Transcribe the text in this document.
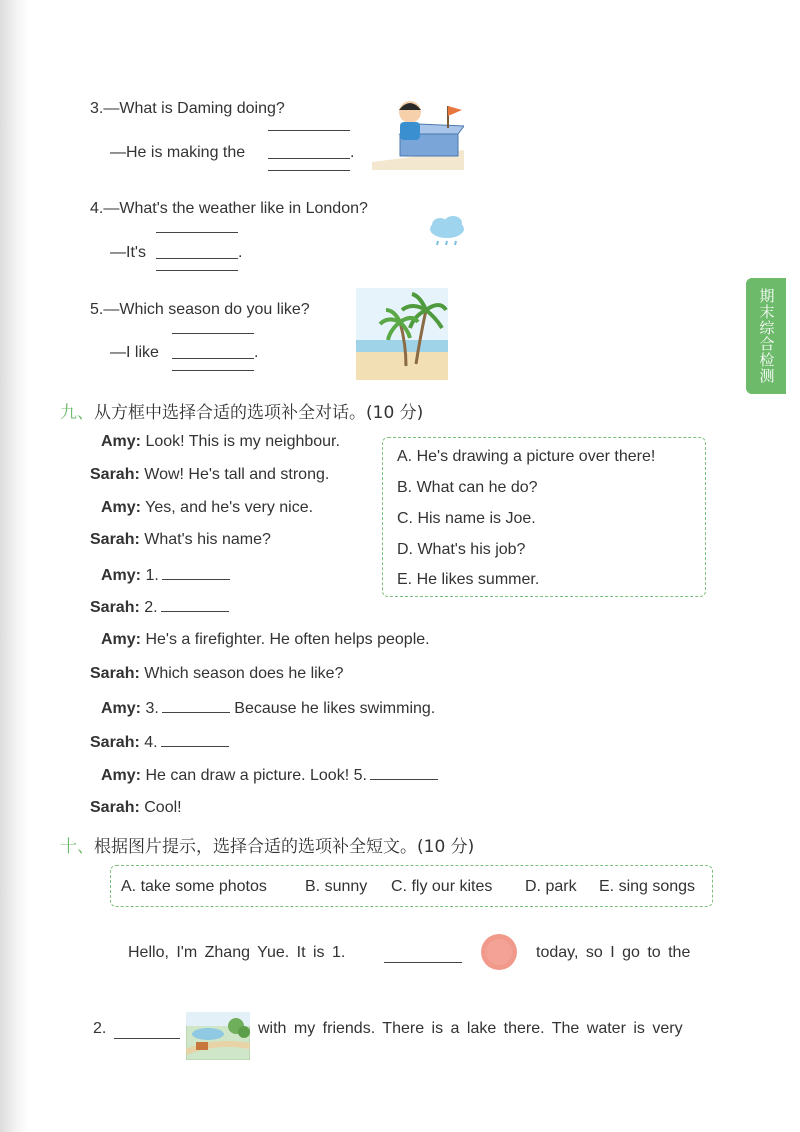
期末综合检测
3.—What is Daming doing?
—He is making the	.
4.—What's the weather like in London?
—It's	.
5.—Which season do you like?
—I like	.
九、从方框中选择合适的选项补全对话。(10 分)
Amy: Look! This is my neighbour.
Sarah: Wow! He's tall and strong.
Amy: Yes, and he's very nice.
Sarah: What's his name?
Amy: 1.
Sarah: 2.
Amy: He's a firefighter. He often helps people.
Sarah: Which season does he like?
Amy: 3.	Because he likes swimming.
Sarah: 4.
Amy: He can draw a picture. Look! 5.
Sarah: Cool!
A. He's drawing a picture over there!
B. What can he do?
C. His name is Joe.
D. What's his job?
E. He likes summer.
十、根据图片提示，选择合适的选项补全短文。(10 分)
A. take some photos B. sunny C. fly our kites D. park E. sing songs
Hello, I'm Zhang Yue. It is 1.	today, so I go to the
2.	with my friends. There is a lake there. The water is very
